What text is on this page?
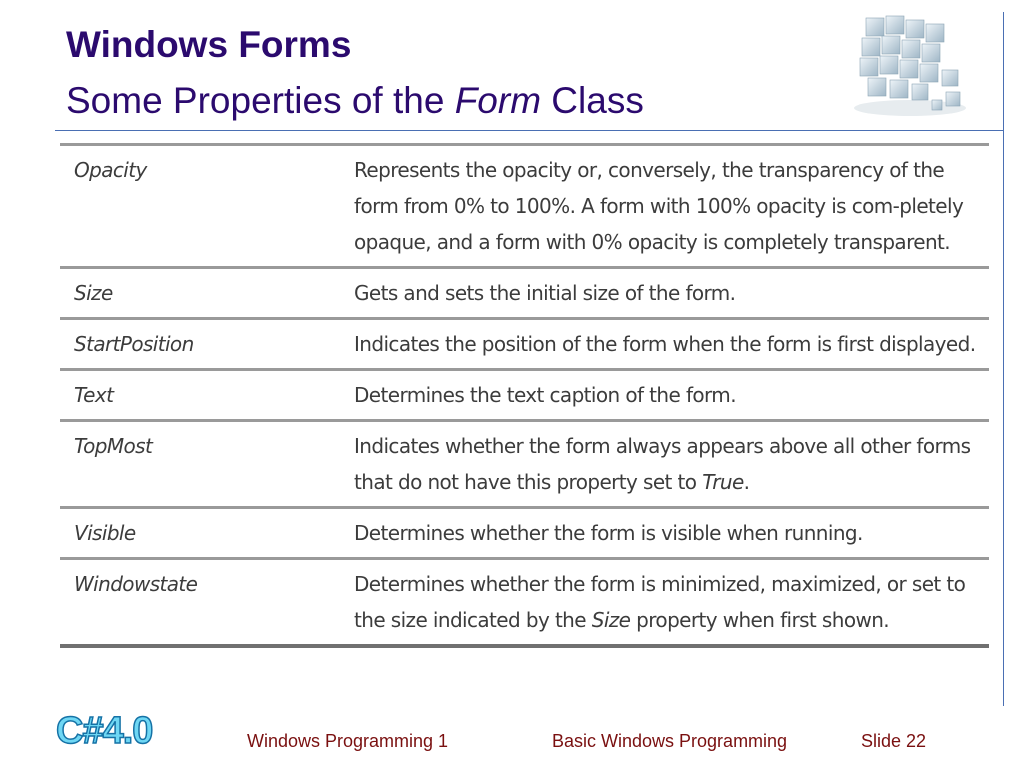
Windows Forms
Some Properties of the Form Class
Opacity	Represents the opacity or, conversely, the transparency of the form from 0% to 100%. A form with 100% opacity is com-pletely opaque, and a form with 0% opacity is completely transparent.
Size	Gets and sets the initial size of the form.
StartPosition	Indicates the position of the form when the form is first displayed.
Text	Determines the text caption of the form.
TopMost	Indicates whether the form always appears above all other forms that do not have this property set to True.
Visible	Determines whether the form is visible when running.
Windowstate	Determines whether the form is minimized, maximized, or set to the size indicated by the Size property when first shown.
C#4.0	Windows Programming 1	Basic Windows Programming	Slide 22
